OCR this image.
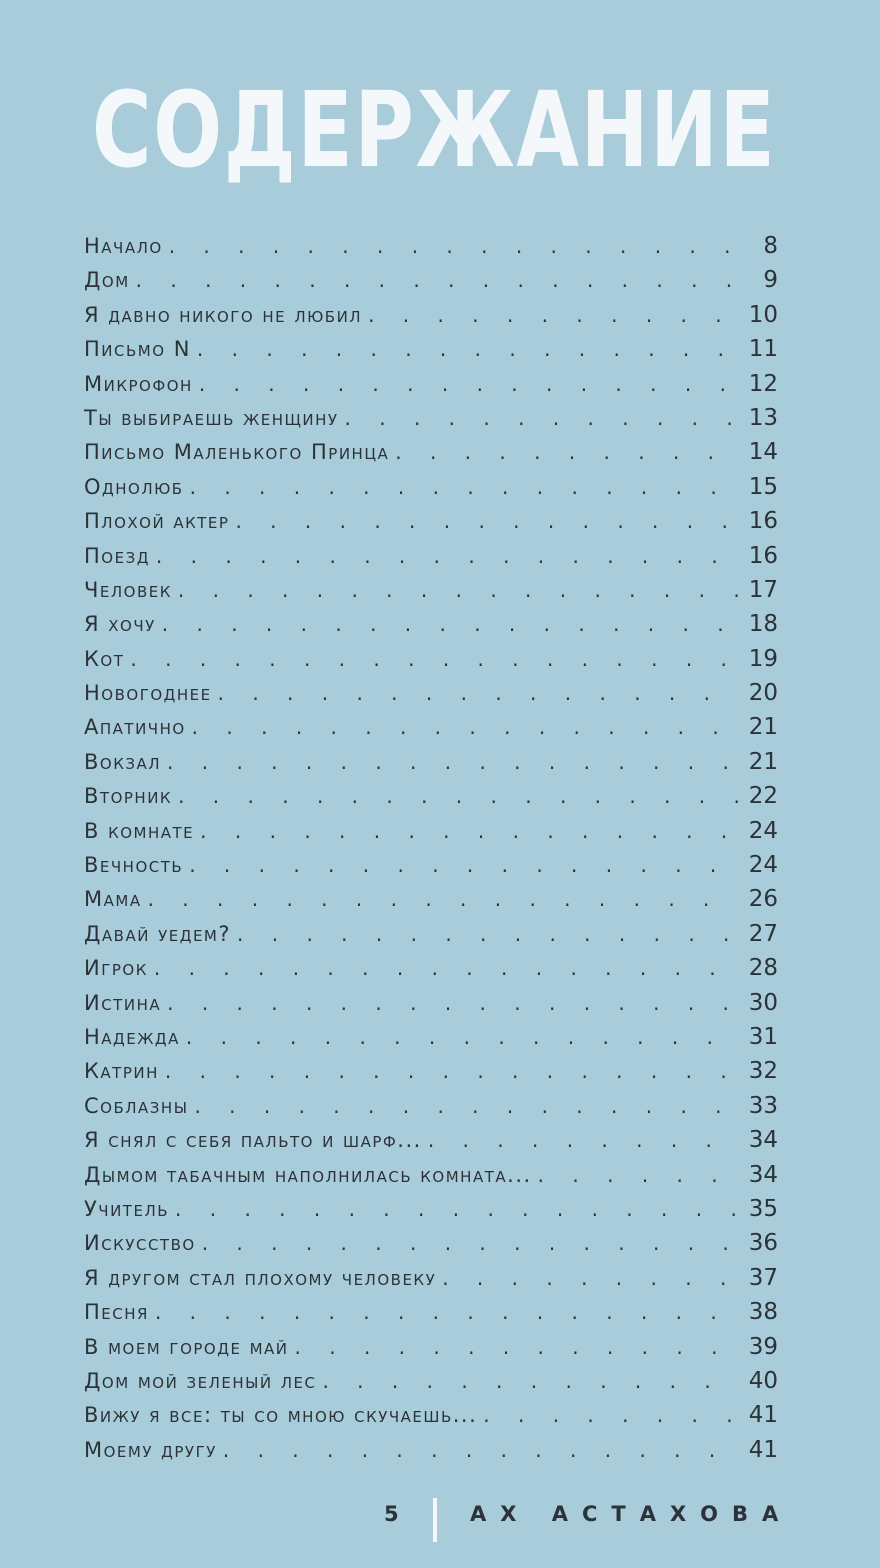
СОДЕРЖАНИЕ
Начало . . .	8
Дом . . .	9
Я давно никого не любил . . .	10
Письмо N . . .	11
Микрофон . . .	12
Ты выбираешь женщину . . .	13
Письмо Маленького Принца . . .	14
Однолюб . . .	15
Плохой актер . . .	16
Поезд . . .	16
Человек . . .	17
Я хочу . . .	18
Кот . . .	19
Новогоднее . . .	20
Апатично . . .	21
Вокзал . . .	21
Вторник . . .	22
В комнате . . .	24
Вечность . . .	24
Мама . . .	26
Давай уедем? . . .	27
Игрок . . .	28
Истина . . .	30
Надежда . . .	31
Катрин . . .	32
Соблазны . . .	33
Я снял с себя пальто и шарф... . . .	34
Дымом табачным наполнилась комната... . . .	34
Учитель . . .	35
Искусство . . .	36
Я другом стал плохому человеку . . .	37
Песня . . .	38
В моем городе май . . .	39
Дом мой зеленый лес . . .	40
Вижу я все: ты со мною скучаешь... . . .	41
Моему другу . . .	41
5	АХ АСТАХОВА
